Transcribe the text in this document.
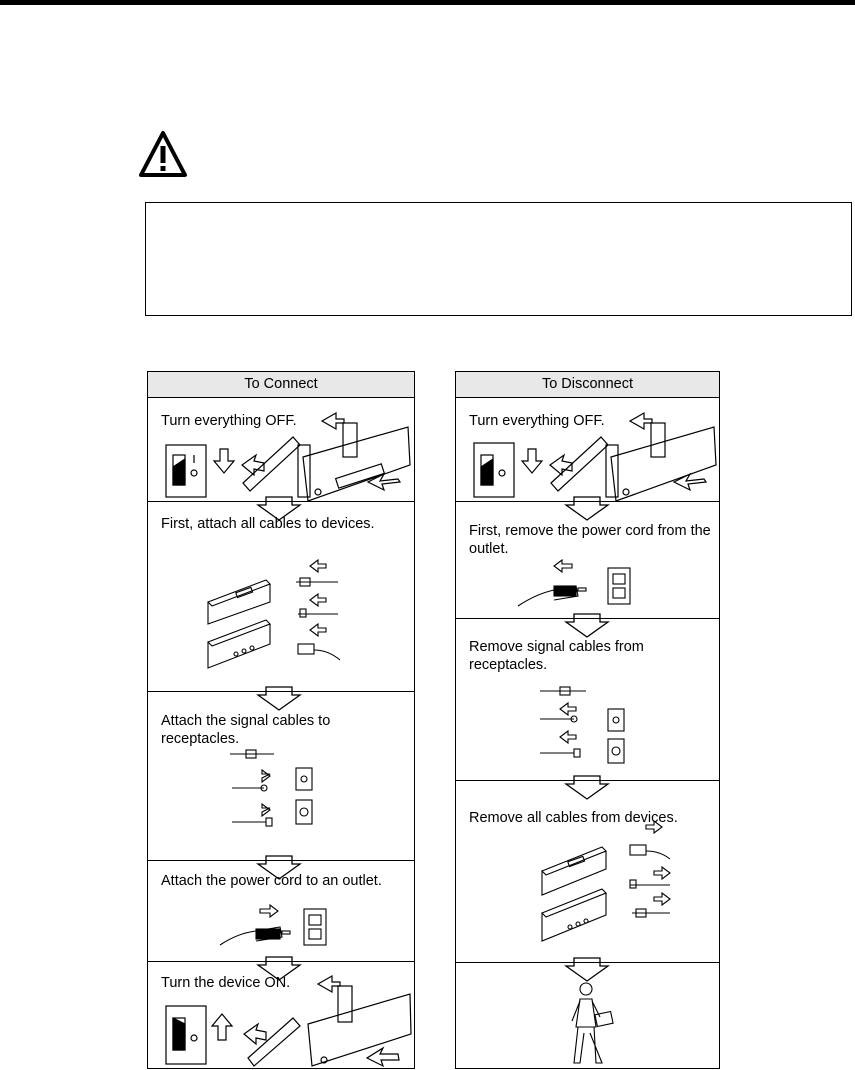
To Connect
Turn everything OFF.
First, attach all cables to devices.
Attach the signal cables to receptacles.
Attach the power cord to an outlet.
Turn the device ON.
To Disconnect
Turn everything OFF.
First, remove the power cord from the outlet.
Remove signal cables from receptacles.
Remove all cables from devices.
